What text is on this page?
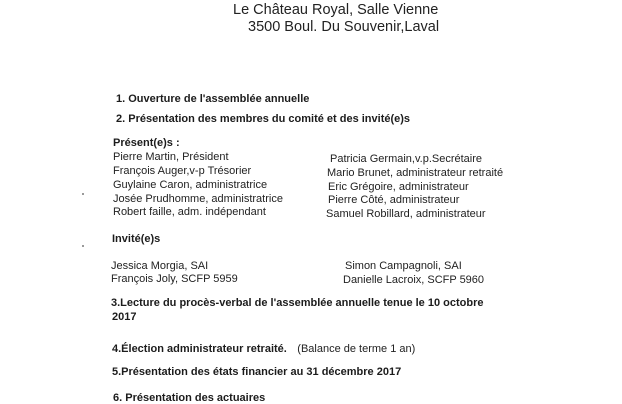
Le Château Royal, Salle Vienne
3500 Boul. Du Souvenir,Laval
1. Ouverture de l'assemblée annuelle
2. Présentation des membres du comité et des invité(e)s
Présent(e)s :
Pierre Martin, Président
François Auger,v-p Trésorier
Guylaine Caron, administratrice
Josée Prudhomme, administratrice
Robert faille, adm. indépendant
Patricia Germain,v.p.Secrétaire
Mario Brunet, administrateur retraité
Eric Grégoire, administrateur
Pierre Côté, administrateur
Samuel Robillard, administrateur
Invité(e)s
Jessica Morgia, SAI
François Joly, SCFP 5959
Simon Campagnoli, SAI
Danielle Lacroix, SCFP 5960
3.Lecture du procès-verbal de l'assemblée annuelle tenue le 10 octobre
2017
4.Élection administrateur retraité. (Balance de terme 1 an)
5.Présentation des états financier au 31 décembre 2017
6. Présentation des actuaires
